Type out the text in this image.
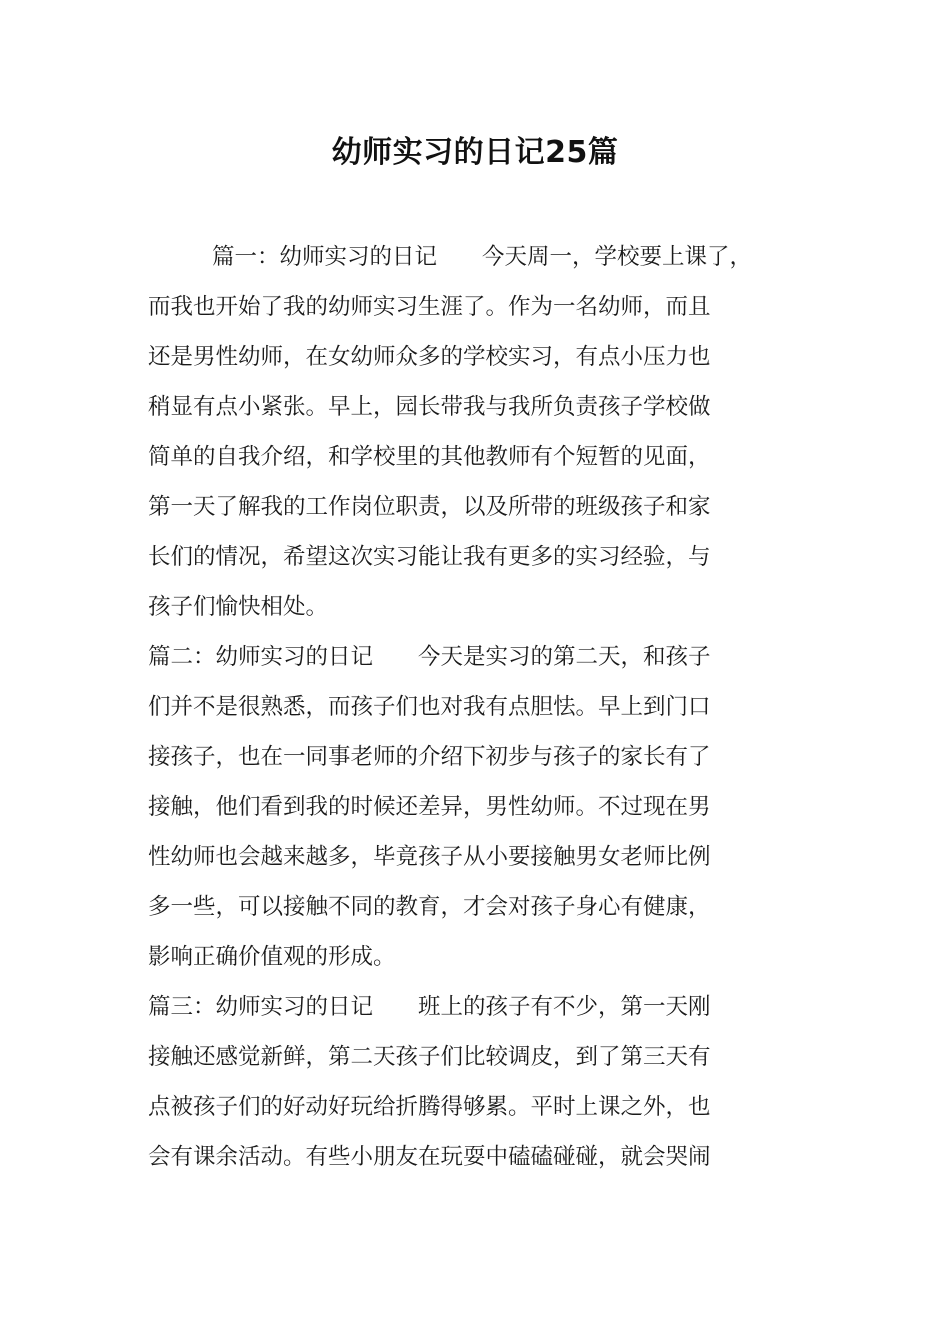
幼师实习的日记25篇
篇一：幼师实习的日记　　今天周一，学校要上课了，
而我也开始了我的幼师实习生涯了。作为一名幼师，而且
还是男性幼师，在女幼师众多的学校实习，有点小压力也
稍显有点小紧张。早上，园长带我与我所负责孩子学校做
简单的自我介绍，和学校里的其他教师有个短暂的见面，
第一天了解我的工作岗位职责，以及所带的班级孩子和家
长们的情况，希望这次实习能让我有更多的实习经验，与
孩子们愉快相处。
篇二：幼师实习的日记　　今天是实习的第二天，和孩子
们并不是很熟悉，而孩子们也对我有点胆怯。早上到门口
接孩子，也在一同事老师的介绍下初步与孩子的家长有了
接触，他们看到我的时候还差异，男性幼师。不过现在男
性幼师也会越来越多，毕竟孩子从小要接触男女老师比例
多一些，可以接触不同的教育，才会对孩子身心有健康，
影响正确价值观的形成。
篇三：幼师实习的日记　　班上的孩子有不少，第一天刚
接触还感觉新鲜，第二天孩子们比较调皮，到了第三天有
点被孩子们的好动好玩给折腾得够累。平时上课之外，也
会有课余活动。有些小朋友在玩耍中磕磕碰碰，就会哭闹
